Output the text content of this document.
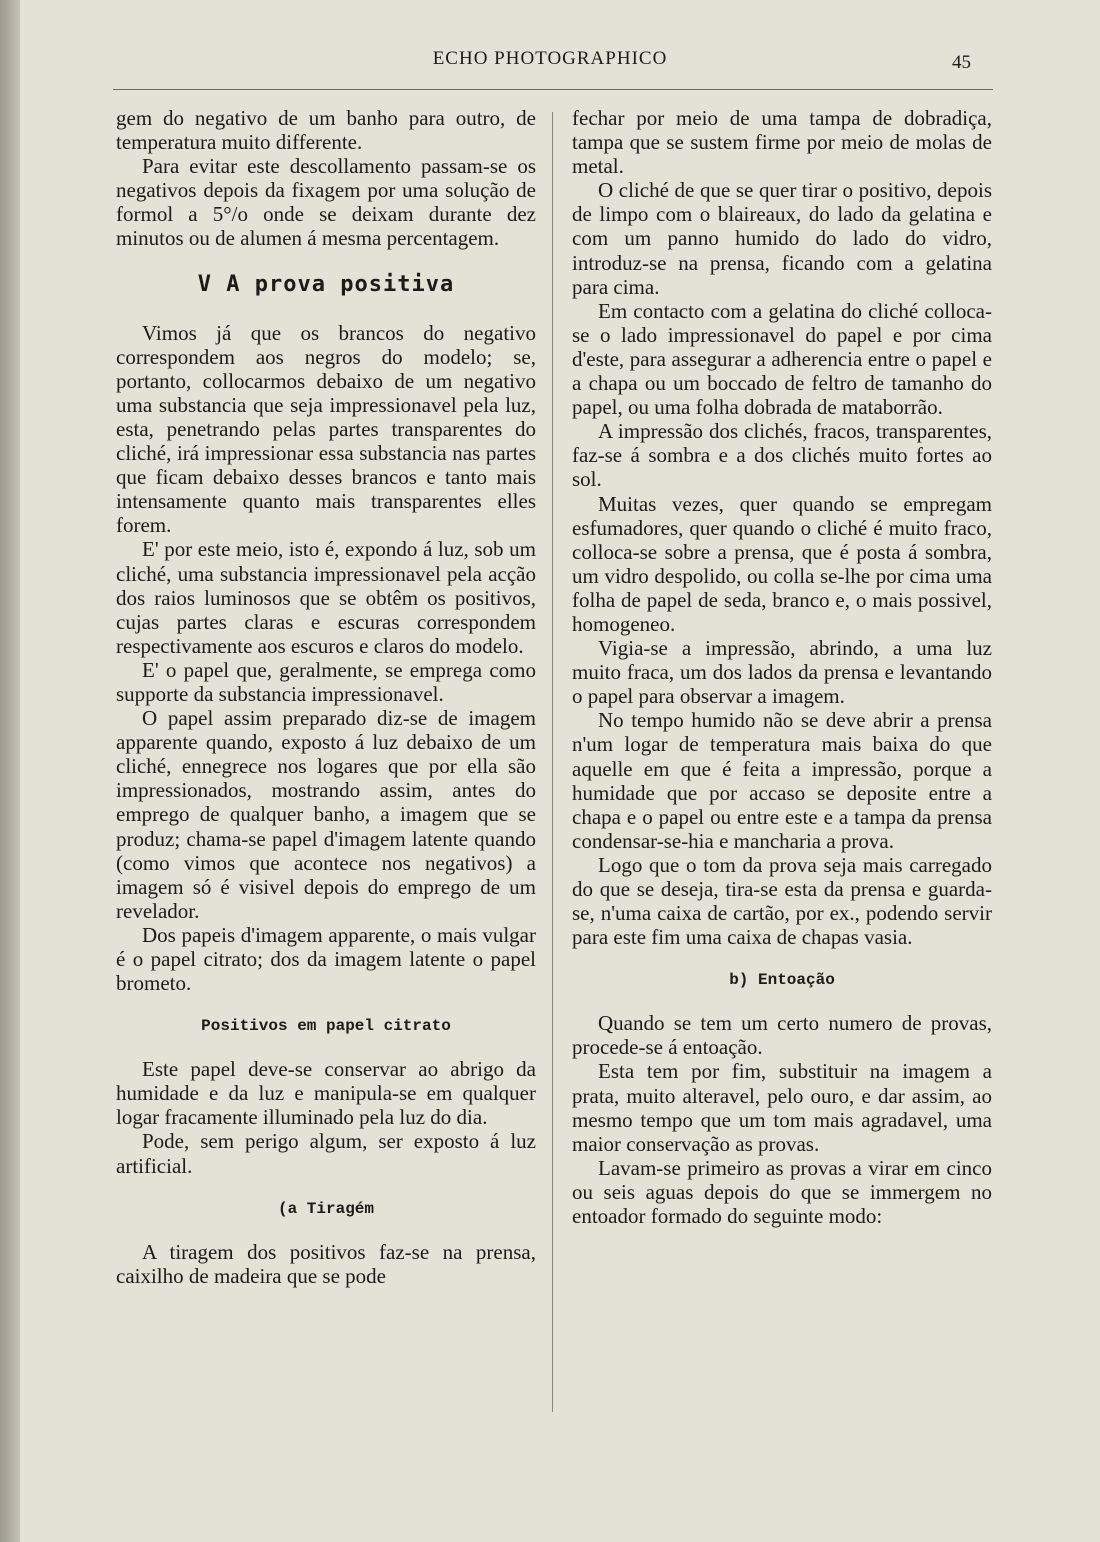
ECHO PHOTOGRAPHICO	45

gem do negativo de um banho para outro, de temperatura muito differente.

Para evitar este descollamento passam-se os negativos depois da fixagem por uma solução de formol a 5°/o onde se deixam durante dez minutos ou de alumen á mesma percentagem.

V A prova positiva

Vimos já que os brancos do negativo correspondem aos negros do modelo; se, portanto, collocarmos debaixo de um negativo uma substancia que seja impressionavel pela luz, esta, penetrando pelas partes transparentes do cliché, irá impressionar essa substancia nas partes que ficam debaixo desses brancos e tanto mais intensamente quanto mais transparentes elles forem.

E' por este meio, isto é, expondo á luz, sob um cliché, uma substancia impressionavel pela acção dos raios luminosos que se obtêm os positivos, cujas partes claras e escuras correspondem respectivamente aos escuros e claros do modelo.

E' o papel que, geralmente, se emprega como supporte da substancia impressionavel.

O papel assim preparado diz-se de imagem apparente quando, exposto á luz debaixo de um cliché, ennegrece nos logares que por ella são impressionados, mostrando assim, antes do emprego de qualquer banho, a imagem que se produz; chama-se papel d'imagem latente quando (como vimos que acontece nos negativos) a imagem só é visivel depois do emprego de um revelador.

Dos papeis d'imagem apparente, o mais vulgar é o papel citrato; dos da imagem latente o papel brometo.

Positivos em papel citrato

Este papel deve-se conservar ao abrigo da humidade e da luz e manipula-se em qualquer logar fracamente illuminado pela luz do dia.

Pode, sem perigo algum, ser exposto á luz artificial.

(a Tiragém

A tiragem dos positivos faz-se na prensa, caixilho de madeira que se pode

fechar por meio de uma tampa de dobradiça, tampa que se sustem firme por meio de molas de metal.

O cliché de que se quer tirar o positivo, depois de limpo com o blaireaux, do lado da gelatina e com um panno humido do lado do vidro, introduz-se na prensa, ficando com a gelatina para cima.

Em contacto com a gelatina do cliché colloca-se o lado impressionavel do papel e por cima d'este, para assegurar a adherencia entre o papel e a chapa ou um boccado de feltro de tamanho do papel, ou uma folha dobrada de mataborrão.

A impressão dos clichés, fracos, transparentes, faz-se á sombra e a dos clichés muito fortes ao sol.

Muitas vezes, quer quando se empregam esfumadores, quer quando o cliché é muito fraco, colloca-se sobre a prensa, que é posta á sombra, um vidro despolido, ou colla se-lhe por cima uma folha de papel de seda, branco e, o mais possivel, homogeneo.

Vigia-se a impressão, abrindo, a uma luz muito fraca, um dos lados da prensa e levantando o papel para observar a imagem.

No tempo humido não se deve abrir a prensa n'um logar de temperatura mais baixa do que aquelle em que é feita a impressão, porque a humidade que por accaso se deposite entre a chapa e o papel ou entre este e a tampa da prensa condensar-se-hia e mancharia a prova.

Logo que o tom da prova seja mais carregado do que se deseja, tira-se esta da prensa e guarda-se, n'uma caixa de cartão, por ex., podendo servir para este fim uma caixa de chapas vasia.

b) Entoação

Quando se tem um certo numero de provas, procede-se á entoação.

Esta tem por fim, substituir na imagem a prata, muito alteravel, pelo ouro, e dar assim, ao mesmo tempo que um tom mais agradavel, uma maior conservação as provas.

Lavam-se primeiro as provas a virar em cinco ou seis aguas depois do que se immergem no entoador formado do seguinte modo:
